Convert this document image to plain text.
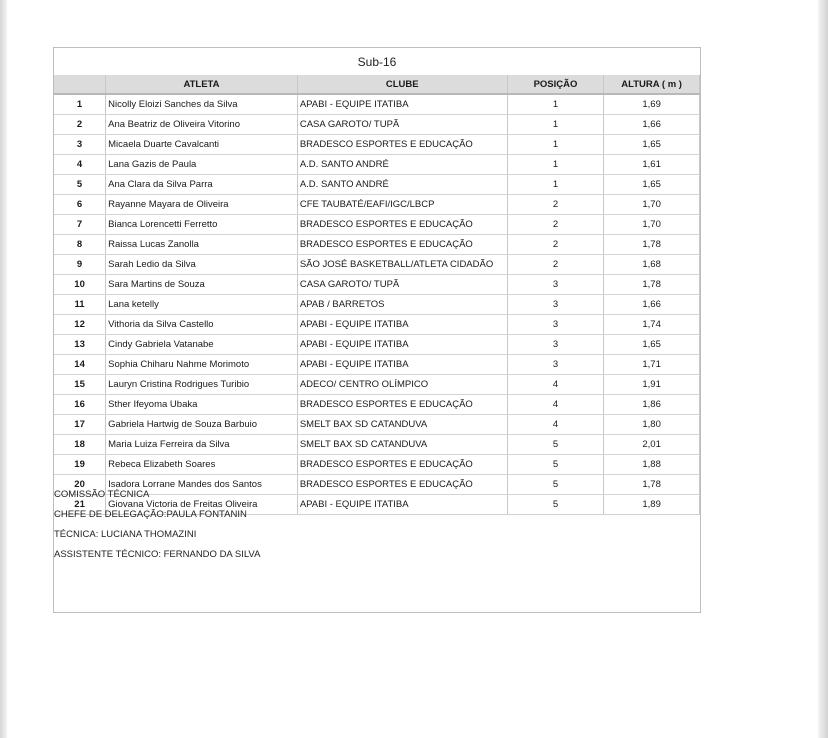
Sub-16
	ATLETA	CLUBE	POSIÇÃO	ALTURA ( m )
1	Nicolly Eloizi Sanches da Silva	APABI - EQUIPE ITATIBA	1	1,69
2	Ana Beatriz de Oliveira Vitorino	CASA GAROTO/ TUPÃ	1	1,66
3	Micaela Duarte Cavalcanti	BRADESCO ESPORTES E EDUCAÇÃO	1	1,65
4	Lana Gazis de Paula	A.D. SANTO ANDRÉ	1	1,61
5	Ana Clara da Silva Parra	A.D. SANTO ANDRÉ	1	1,65
6	Rayanne Mayara de Oliveira	CFE TAUBATÉ/EAFI/IGC/LBCP	2	1,70
7	Bianca Lorencetti Ferretto	BRADESCO ESPORTES E EDUCAÇÃO	2	1,70
8	Raissa Lucas Zanolla	BRADESCO ESPORTES E EDUCAÇÃO	2	1,78
9	Sarah Ledio da Silva	SÃO JOSÉ BASKETBALL/ATLETA CIDADÃO	2	1,68
10	Sara Martins de Souza	CASA GAROTO/ TUPÃ	3	1,78
11	Lana ketelly	APAB / BARRETOS	3	1,66
12	Vithoria da Silva Castello	APABI - EQUIPE ITATIBA	3	1,74
13	Cindy Gabriela Vatanabe	APABI - EQUIPE ITATIBA	3	1,65
14	Sophia Chiharu Nahme Morimoto	APABI - EQUIPE ITATIBA	3	1,71
15	Lauryn Cristina Rodrigues Turibio	ADECO/ CENTRO OLÍMPICO	4	1,91
16	Sther Ifeyoma Ubaka	BRADESCO ESPORTES E EDUCAÇÃO	4	1,86
17	Gabriela Hartwig de Souza Barbuio	SMELT BAX SD CATANDUVA	4	1,80
18	Maria Luiza Ferreira da Silva	SMELT BAX SD CATANDUVA	5	2,01
19	Rebeca Elizabeth Soares	BRADESCO ESPORTES E EDUCAÇÃO	5	1,88
20	Isadora Lorrane Mandes dos Santos	BRADESCO ESPORTES E EDUCAÇÃO	5	1,78
21	Giovana Victoria de Freitas Oliveira	APABI - EQUIPE ITATIBA	5	1,89
COMISSÃO TÉCNICA
CHEFE DE DELEGAÇÃO:PAULA FONTANIN
TÉCNICA: LUCIANA THOMAZINI
ASSISTENTE TÉCNICO: FERNANDO DA SILVA
